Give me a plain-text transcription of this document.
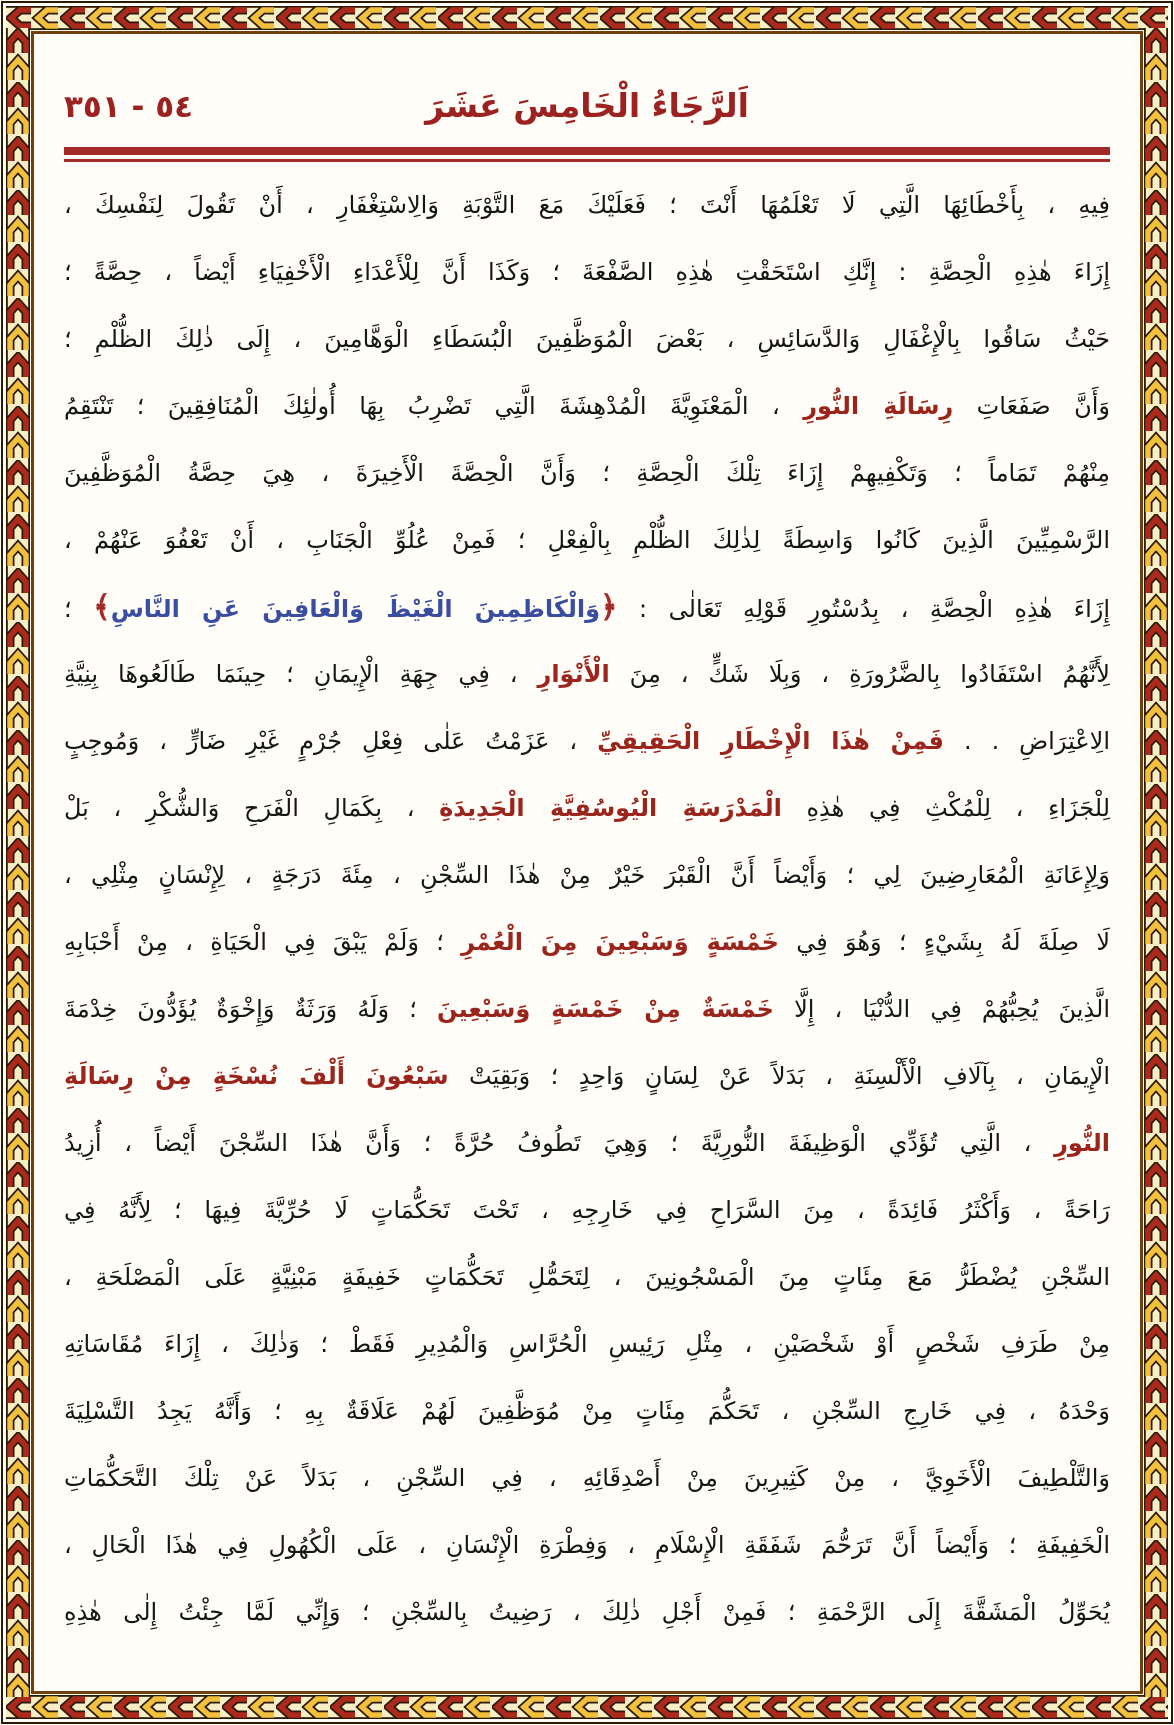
٥٤ - ٣٥١	اَلرَّجَاءُ الْخَامِسَ عَشَرَ
فِيهِ ، بِأَخْطَائِهَا الَّتِي لَا تَعْلَمُهَا أَنْتَ ؛ فَعَلَيْكَ مَعَ التَّوْبَةِ وَالِاسْتِغْفَارِ ، أَنْ تَقُولَ لِنَفْسِكَ ،
إِزَاءَ هٰذِهِ الْحِصَّةِ : إِنَّكِ اسْتَحَقْتِ هٰذِهِ الصَّفْعَةَ ؛ وَكَذَا أَنَّ لِلْأَعْدَاءِ الْأَخْفِيَاءِ أَيْضاً ، حِصَّةً ؛
حَيْثُ سَاقُوا بِالْإِغْفَالِ وَالدَّسَائِسِ ، بَعْضَ الْمُوَظَّفِينَ الْبُسَطَاءِ الْوَهَّامِينَ ، إِلَى ذٰلِكَ الظُّلْمِ ؛
وَأَنَّ صَفَعَاتِ رِسَالَةِ النُّورِ ، الْمَعْنَوِيَّةَ الْمُدْهِشَةَ الَّتِي تَضْرِبُ بِهَا أُولٰئِكَ الْمُنَافِقِينَ ؛ تَنْتَقِمُ
مِنْهُمْ تَمَاماً ؛ وَتَكْفِيهِمْ إِزَاءَ تِلْكَ الْحِصَّةِ ؛ وَأَنَّ الْحِصَّةَ الْأَخِيرَةَ ، هِيَ حِصَّةُ الْمُوَظَّفِينَ
الرَّسْمِيِّينَ الَّذِينَ كَانُوا وَاسِطَةً لِذٰلِكَ الظُّلْمِ بِالْفِعْلِ ؛ فَمِنْ عُلُوِّ الْجَنَابِ ، أَنْ تَعْفُوَ عَنْهُمْ ،
إِزَاءَ هٰذِهِ الْحِصَّةِ ، بِدُسْتُورِ قَوْلِهِ تَعَالٰى : ﴿وَالْكَاظِمِينَ الْغَيْظَ وَالْعَافِينَ عَنِ النَّاسِ﴾ ؛
لِأَنَّهُمُ اسْتَفَادُوا بِالضَّرُورَةِ ، وَبِلَا شَكٍّ ، مِنَ الْأَنْوَارِ ، فِي جِهَةِ الْإِيمَانِ ؛ حِينَمَا طَالَعُوهَا بِنِيَّةِ
الِاعْتِرَاضِ . . فَمِنْ هٰذَا الْإِخْطَارِ الْحَقِيقِيِّ ، عَزَمْتُ عَلٰى فِعْلِ جُرْمٍ غَيْرِ ضَارٍّ ، وَمُوجِبٍ
لِلْجَزَاءِ ، لِلْمُكْثِ فِي هٰذِهِ الْمَدْرَسَةِ الْيُوسُفِيَّةِ الْجَدِيدَةِ ، بِكَمَالِ الْفَرَحِ وَالشُّكْرِ ، بَلْ
وَلِإِعَانَةِ الْمُعَارِضِينَ لِي ؛ وَأَيْضاً أَنَّ الْقَبْرَ خَيْرٌ مِنْ هٰذَا السِّجْنِ ، مِئَةَ دَرَجَةٍ ، لِإِنْسَانٍ مِثْلِي ،
لَا صِلَةَ لَهُ بِشَيْءٍ ؛ وَهُوَ فِي خَمْسَةٍ وَسَبْعِينَ مِنَ الْعُمْرِ ؛ وَلَمْ يَبْقَ فِي الْحَيَاةِ ، مِنْ أَحْبَابِهِ
الَّذِينَ يُحِبُّهُمْ فِي الدُّنْيَا ، إِلَّا خَمْسَةٌ مِنْ خَمْسَةٍ وَسَبْعِينَ ؛ وَلَهُ وَرَثَةٌ وَإِخْوَةٌ يُؤَدُّونَ خِدْمَةَ
الْإِيمَانِ ، بِآلَافِ الْأَلْسِنَةِ ، بَدَلاً عَنْ لِسَانٍ وَاحِدٍ ؛ وَبَقِيَتْ سَبْعُونَ أَلْفَ نُسْخَةٍ مِنْ رِسَالَةِ
النُّورِ ، الَّتِي تُؤَدِّي الْوَظِيفَةَ النُّورِيَّةَ ؛ وَهِيَ تَطُوفُ حُرَّةً ؛ وَأَنَّ هٰذَا السِّجْنَ أَيْضاً ، أُزِيدُ
رَاحَةً ، وَأَكْثَرُ فَائِدَةً ، مِنَ السَّرَاحِ فِي خَارِجِهِ ، تَحْتَ تَحَكُّمَاتٍ لَا حُرِّيَّةَ فِيهَا ؛ لِأَنَّهُ فِي
السِّجْنِ يُضْطَرُّ مَعَ مِئَاتٍ مِنَ الْمَسْجُونِينَ ، لِتَحَمُّلِ تَحَكُّمَاتٍ خَفِيفَةٍ مَبْنِيَّةٍ عَلَى الْمَصْلَحَةِ ،
مِنْ طَرَفِ شَخْصٍ أَوْ شَخْصَيْنِ ، مِثْلِ رَئِيسِ الْحُرَّاسِ وَالْمُدِيرِ فَقَطْ ؛ وَذٰلِكَ ، إِزَاءَ مُقَاسَاتِهِ
وَحْدَهُ ، فِي خَارِجِ السِّجْنِ ، تَحَكُّمَ مِئَاتٍ مِنْ مُوَظَّفِينَ لَهُمْ عَلَاقَةٌ بِهِ ؛ وَأَنَّهُ يَجِدُ التَّسْلِيَةَ
وَالتَّلْطِيفَ الْأَخَوِيَّ ، مِنْ كَثِيرِينَ مِنْ أَصْدِقَائِهِ ، فِي السِّجْنِ ، بَدَلاً عَنْ تِلْكَ التَّحَكُّمَاتِ
الْخَفِيفَةِ ؛ وَأَيْضاً أَنَّ تَرَحُّمَ شَفَقَةِ الْإِسْلَامِ ، وَفِطْرَةِ الْإِنْسَانِ ، عَلَى الْكُهُولِ فِي هٰذَا الْحَالِ ،
يُحَوِّلُ الْمَشَقَّةَ إِلَى الرَّحْمَةِ ؛ فَمِنْ أَجْلِ ذٰلِكَ ، رَضِيتُ بِالسِّجْنِ ؛ وَإِنِّي لَمَّا جِئْتُ إِلٰى هٰذِهِ
